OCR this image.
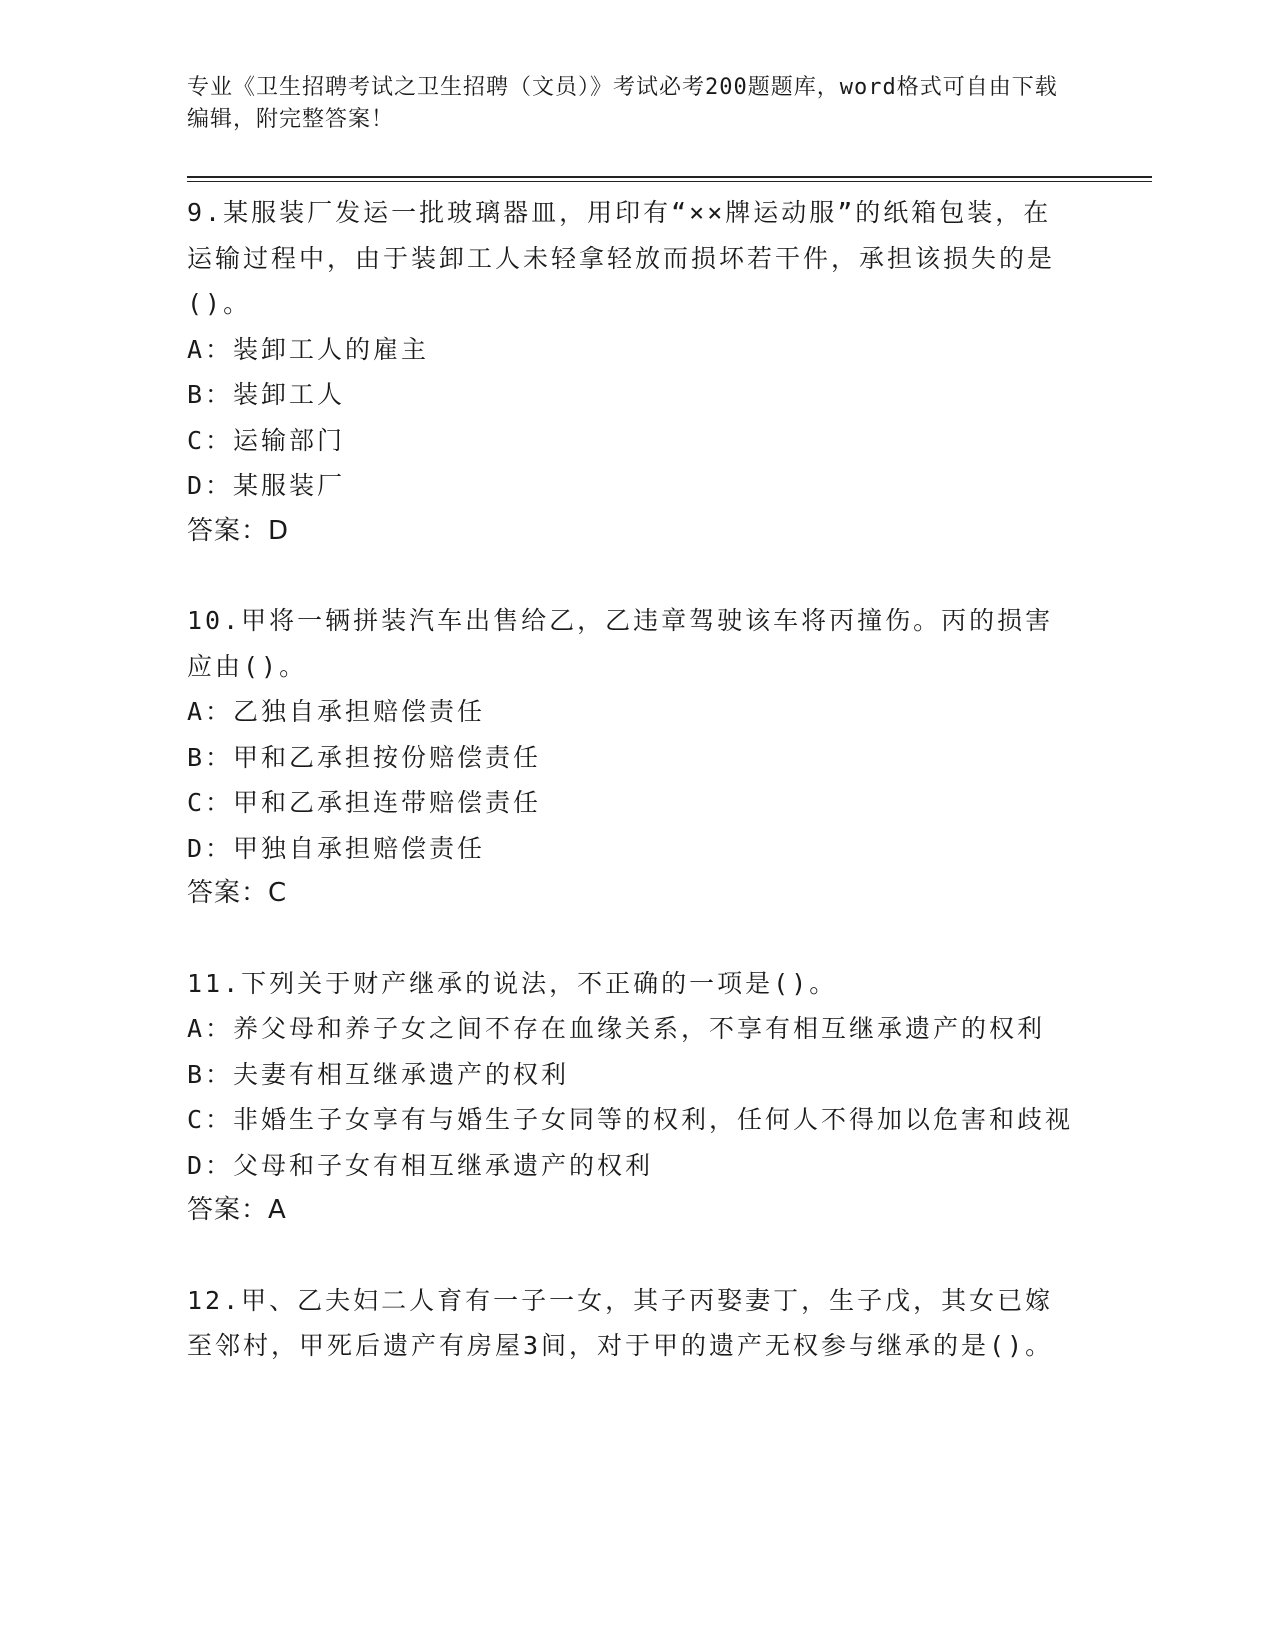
专业《卫生招聘考试之卫生招聘（文员）》考试必考200题题库，word格式可自由下载编辑，附完整答案！
9.某服装厂发运一批玻璃器皿，用印有“××牌运动服”的纸箱包装，在运输过程中，由于装卸工人未轻拿轻放而损坏若干件，承担该损失的是()。
A：装卸工人的雇主
B：装卸工人
C：运输部门
D：某服装厂
答案：D
10.甲将一辆拼装汽车出售给乙，乙违章驾驶该车将丙撞伤。丙的损害应由()。
A：乙独自承担赔偿责任
B：甲和乙承担按份赔偿责任
C：甲和乙承担连带赔偿责任
D：甲独自承担赔偿责任
答案：C
11.下列关于财产继承的说法，不正确的一项是()。
A：养父母和养子女之间不存在血缘关系，不享有相互继承遗产的权利
B：夫妻有相互继承遗产的权利
C：非婚生子女享有与婚生子女同等的权利，任何人不得加以危害和歧视
D：父母和子女有相互继承遗产的权利
答案：A
12.甲、乙夫妇二人育有一子一女，其子丙娶妻丁，生子戊，其女已嫁至邻村，甲死后遗产有房屋3间，对于甲的遗产无权参与继承的是()。
